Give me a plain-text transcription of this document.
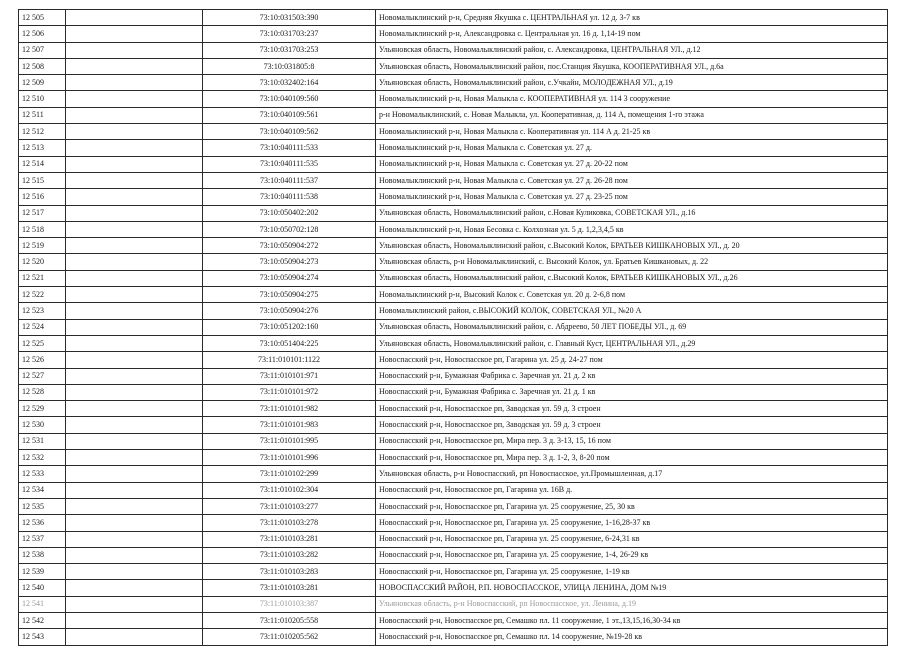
12 505		73:10:031503:390	Новомалыклинский р-н, Средняя Якушка с. ЦЕНТРАЛЬНАЯ ул. 12 д. 3-7 кв
12 506		73:10:031703:237	Новомалыклинский р-н, Александровка с. Центральная ул. 16 д. 1,14-19 пом
12 507		73:10:031703:253	Ульяновская область, Новомалыклинский район, с. Александровка, ЦЕНТРАЛЬНАЯ УЛ., д.12
12 508		73:10:031805:8	Ульяновская область, Новомалыклинский район, пос.Станция Якушка, КООПЕРАТИВНАЯ УЛ., д.6а
12 509		73:10:032402:164	Ульяновская область, Новомалыклинский район, с.Учкайн, МОЛОДЕЖНАЯ УЛ., д.19
12 510		73:10:040109:560	Новомалыклинский р-н, Новая Малыкла с. КООПЕРАТИВНАЯ ул. 114 3 сооружение
12 511		73:10:040109:561	р-н Новомалыклинский, с. Новая Малыкла, ул. Кооперативная, д. 114 А, помещения 1-го этажа
12 512		73:10:040109:562	Новомалыклинский р-н, Новая Малыкла с. Кооперативная ул. 114 А д. 21-25 кв
12 513		73:10:040111:533	Новомалыклинский р-н, Новая Малыкла с. Советская ул. 27 д.
12 514		73:10:040111:535	Новомалыклинский р-н, Новая Малыкла с. Советская ул. 27 д. 20-22 пом
12 515		73:10:040111:537	Новомалыклинский р-н, Новая Малыкла с. Советская ул. 27 д. 26-28 пом
12 516		73:10:040111:538	Новомалыклинский р-н, Новая Малыкла с. Советская ул. 27 д. 23-25 пом
12 517		73:10:050402:202	Ульяновская область, Новомалыклинский район, с.Новая Куликовка, СОВЕТСКАЯ УЛ., д.16
12 518		73:10:050702:128	Новомалыклинский р-н, Новая Бесовка с. Колхозная ул. 5 д. 1,2,3,4,5 кв
12 519		73:10:050904:272	Ульяновская область, Новомалыклинский район, с.Высокий Колок, БРАТЬЕВ КИШКАНОВЫХ УЛ., д. 20
12 520		73:10:050904:273	Ульяновская область, р-н Новомалыклинский, с. Высокий Колок, ул. Братьев Кишкановых, д. 22
12 521		73:10:050904:274	Ульяновская область, Новомалыклинский район, с.Высокий Колок, БРАТЬЕВ КИШКАНОВЫХ УЛ., д.26
12 522		73:10:050904:275	Новомалыклинский р-н, Высокий Колок с. Советская ул. 20 д. 2-6,8 пом
12 523		73:10:050904:276	Новомалыклинский район, с.ВЫСОКИЙ КОЛОК, СОВЕТСКАЯ УЛ., №20 А
12 524		73:10:051202:160	Ульяновская область, Новомалыклинский район, с. Абдреево, 50 ЛЕТ ПОБЕДЫ УЛ., д. 69
12 525		73:10:051404:225	Ульяновская область, Новомалыклинский район, с. Главный Куст, ЦЕНТРАЛЬНАЯ УЛ., д.29
12 526		73:11:010101:1122	Новоспасский р-н, Новоспасское рп, Гагарина ул. 25 д. 24-27 пом
12 527		73:11:010101:971	Новоспасский р-н, Бумажная Фабрика с. Заречная ул. 21 д. 2 кв
12 528		73:11:010101:972	Новоспасский р-н, Бумажная Фабрика с. Заречная ул. 21 д. 1 кв
12 529		73:11:010101:982	Новоспасский р-н, Новоспасское рп, Заводская ул. 59 д. 3 строен
12 530		73:11:010101:983	Новоспасский р-н, Новоспасское рп, Заводская ул. 59 д. 3 строен
12 531		73:11:010101:995	Новоспасский р-н, Новоспасское рп, Мира пер. 3 д. 3-13, 15, 16 пом
12 532		73:11:010101:996	Новоспасский р-н, Новоспасское рп, Мира пер. 3 д. 1-2, 3, 8-20 пом
12 533		73:11:010102:299	Ульяновская область, р-н Новоспасский, рп Новоспасское, ул.Промышленная, д.17
12 534		73:11:010102:304	Новоспасский р-н, Новоспасское рп, Гагарина ул. 16В д.
12 535		73:11:010103:277	Новоспасский р-н, Новоспасское рп, Гагарина ул. 25 сооружение, 25, 30 кв
12 536		73:11:010103:278	Новоспасский р-н, Новоспасское рп, Гагарина ул. 25 сооружение, 1-16,28-37 кв
12 537		73:11:010103:281	Новоспасский р-н, Новоспасское рп, Гагарина ул. 25 сооружение, 6-24,31 кв
12 538		73:11:010103:282	Новоспасский р-н, Новоспасское рп, Гагарина ул. 25 сооружение, 1-4, 26-29 кв
12 539		73:11:010103:283	Новоспасский р-н, Новоспасское рп, Гагарина ул. 25 сооружение, 1-19 кв
12 540		73:11:010103:281	НОВОСПАССКИЙ РАЙОН, Р.П. НОВОСПАССКОЕ, УЛИЦА ЛЕНИНА, ДОМ №19
12 541		73:11:010103:387	Ульяновская область, р-н Новоспасский, рп Новоспасское, ул. Ленина, д.19
12 542		73:11:010205:558	Новоспасский р-н, Новоспасское рп, Семашко пл. 11 сооружение, 1 эт.,13,15,16,30-34 кв
12 543		73:11:010205:562	Новоспасский р-н, Новоспасское рп, Семашко пл. 14 сооружение, №19-28 кв
